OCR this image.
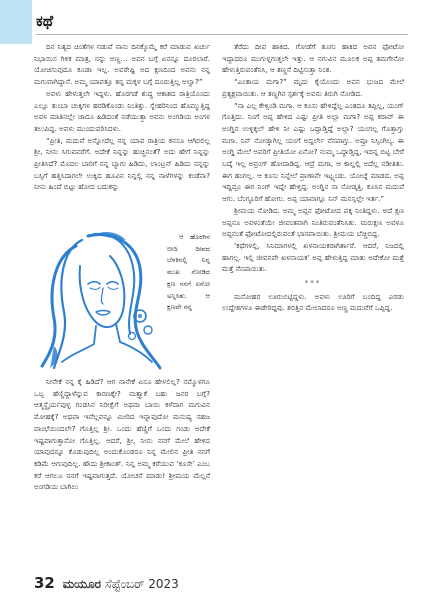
ಕಥೆ

ದಿನ ನಿತ್ಯದ ಚಿಂತೆಗಳ ನಡುವೆ ನಾನು ದಿನಕ್ಕೊಮ್ಮೆ ಕರೆ ಮಾಡುವ ಖರ್ಚು ನಿಭಾಯಿಸ ಗಿಳಿಕ ಮಾತ್ರ, ನನ್ನು ಅಣ್ಣ… ಅವನ ಬಗ್ಗೆ ಏನನ್ನೂ ದೂರಲಾರೆ. ಯೋಚಿಸುವುದೂ ಕೂಡಾ ಇಲ್ಲ. ಅವರೇಷ್ಟಿ ಅದ ಕ್ಷಣದಿಂದ ಅವನು ನನ್ನ ಮಗುವಾಗಿದ್ದಾನೆ. ಅಮ್ಮ ಯಾವತ್ತೂ ತನ್ನ ಮಕ್ಕಳ ಬಗ್ಗೆ ದೂರುತ್ತಿಲ್ಲ ಅಲ್ವಾ?”

ಅವಳು ಹೇಳುತ್ತಲೇ ಇದ್ದಳು. ಹೊರಗಡೆ ಶುದ್ಧ ಆಕಾಶದ ರಾತ್ರಿಯೊಂದು ಎಲ್ಲೂ ತುಂಬಾ ಚುಕ್ಕಿಗಳ ಹರಡಿಕೊಂಡು ನಿಂತಿತ್ತು. ಸ್ನೇಹರಿನಿಂದ ಹೊಮ್ಮುತ್ತಿದ್ದ ಅವಳ ಮಾತಿನಲ್ಲೇ ಜಾದೂ ಹಿಡಿದಂತೆ ನಡೆಯುತ್ತಾ ಅವನು ಅಂಗಡಿಯ ಅಂಗಳ ತಲುಪಿದ್ದ. ಅವಳು ಮುಂದುವರಿಸಿದಳು.

“ಪ್ರೀತಿ, ಮದುವೆ ಅನ್ನೋದೆಲ್ಲ ನನ್ನ ಯಾವ ರಾತ್ರಿಯ ಕನಸೂ ಆಗಿರಲಿಲ್ಲ ಶ್ರೀ, ನೀನು ಸಿಗುವವರೆಗೆ. ಅದೇಕೆ ನಿನ್ನನ್ನು ಹುಚ್ಚಿನಂತೆ? ಅದು ಹೇಗೆ ನಿನ್ನನ್ನು ಪ್ರೀತಿಸಿದೆ? ಮೊದಲ ಬಾರಿಗೆ ನನ್ನ ಬ್ಯಾಗು ಹಿಡಿದು, ಲಾಂಟ್ರನ್ ಹಿಡಿದು ನನ್ನನ್ನು ಬಸ್ಸಿಗೆ ಹತ್ತಿಸಿದಾಗಲೇ ಉಕ್ಕಿದ ಹೂವಿನ ನಿನ್ನಲ್ಲಿ ನನ್ನ ನಾಳೆಗಳನ್ನು ಕಂಡೆನಾ? ನೀನು ಹಿಂದೆ ಬಿಟ್ಟು ಹೋದ ಬದುಕನ್ನು

ಆ ಹೊರಗಿನ ಬೀದಿ ದೀಪದ ಬೆಳಕಿನಲ್ಲಿ ನಿನ್ನ ಮುಖ ನೋಡಿದ ಕ್ಷಣ ನನಗೆ ಏನೋ ಅನ್ನಿಸಿತು. ಆ ಕ್ಷಣವೇ ನನ್ನ

ನೀನೇಕೆ ನನ್ನ ಕೈ ಹಿಡಿದೆ? ಆಗ ನಾನೇಕೆ ಏನೂ ಹೇಳಲಿಲ್ಲ? ನಮ್ಮೊಳಗೂ ಒಬ್ಬ ಹೆಣ್ಣಿದ್ದಾಳೆನ್ನುವ ಕಾರಣಕ್ಕೇ? ಮತ್ತ್ಯಾಕೆ ಬಹು ಜನರ ಬಗ್ಗೆ? ಆತ್ಮಸ್ಥೈರ್ಯವುಳ್ಳ ಗಂಡಸಿನ ನಿರೀಕ್ಷೆಗೆ ಅಥವಾ ಬಾಯಿ ಕಳೆದಾಗ ಮಗುವಿನ ಮೋಹಕ್ಕೆ? ಅಥವಾ ಇವೆಲ್ಲವನ್ನೂ ಮೀರಿದ ಇನ್ನಾವುದೋ ಮನುಷ್ಯ ಸಹಜ ವಾಂಛೆಯಿಂದಲೇ? ಗೊತ್ತಿಲ್ಲ ಶ್ರೀ. ಒಂದು ಹೆಣ್ಣಿಗೆ ಒಂದು ಗಂಡು ಅದೇಕೆ ಇಷ್ಟವಾಗುತ್ತಾನೋ ಗೊತ್ತಿಲ್ಲ. ಆದರೆ, ಶ್ರೀ, ನೀನು ನನಗೆ ಮೇಲೆ ಹೇಳಿದ ಯಾವುದನ್ನೂ ಕೊಡುವುದಿಲ್ಲ ಅಂದುಕೊಂಡರೂ ನಿನ್ನ ಮೇಲಿನ ಪ್ರೀತಿ ನನಗೆ ಕಡಿಮೆ ಆಗುವುದಿಲ್ಲ. ಹೌದು ಶ್ರೀಕಾಂತ್. ನಿನ್ನ ಅಮ್ಮ ಕರೆಯುವ ‘ಕೂಸೇ’ ಎಂಬ ಕರೆ ಆಗಲೂ ನನಗೆ ಇಷ್ಟವಾಗುತ್ತದೆ. ಯೋಚನೆ ಮಾಡು! ಶ್ರೀಮಯ ಮೆಲ್ಲನೆ ಅಂಗಡಿಯ ಬಾಗಿಲು

ತೆರೆದು ದೀಪ ಹಾಕಿದ. ಗೋಡೆಗೆ ತೂಗು ಹಾಕಿದ ಅವನ ಫೋಟೋ ಇದ್ದಾದರೂ ಮುಗುಳ್ನಗುತ್ತಲೇ ಇತ್ತು. ಆ ನಗುವಿನ ಮೂಲಕ ಅಪ್ಪ ತಮಗೇನೋ ಹೇಳುತ್ತಿರುವಂತೆನಿಸಿ, ಆ ತಣ್ಣನೆ ದಿಟ್ಟಿಸುತ್ತಾ ನಿಂತ.

“ಎಂತಾಯ ಮಗಾ?” ಮೃದು ಕೈಯೊಂದು ಅವನ ಭುಜದ ಮೇಲೆ ಪ್ರತ್ಯಕ್ಷವಾಯಿತು. ಆ ತಣ್ಣಗಿನ ಸ್ಪರ್ಶಕ್ಕೆ ಅವನು ತಿರುಗಿ ನೋಡಿದ.

“ನಾ ಎಲ್ಲ ಕೇಳ್ಸಿಂಡಿ ಮಗಾ. ಆ ಕೂಸು ಹೇಳಿದ್ದೆಲ್ಲ ಎಂತದೂ ತಪ್ಪಿಲ್ಲ, ಯಂಗ್ ಗೊತ್ತಿದು. ನಿಂಗೆ ಅಪ್ಪ ಹೇಳಿದ ಎಷ್ಟು ಪ್ರೀತಿ ಅಲ್ಲಾ ಮಗಾ? ಅಪ್ಪ ಕರಾವ್ ಈ ಅಂಗ್ಡಿನ ಉಳ್ಳಿಕ್ಕಲ್ ಹೇಳಿ ನೀ ಎಷ್ಟು ಒದ್ದಾಡ್ತಿದ್ದೆ ಅಲ್ಲಾ? ಯಂಗಲ್ಲ ಗೊತ್ತಾಗ್ತು ಮಗಾ. ನಿನ್ ನೋಡ್ಕಾಗಿಲ್ಲ ಯಂಗೆ ಅದ್ದರ್ಲೇ ನೆನಪಾಗ್ತು. ಅವ್ರೂ ನಿಸ್ಸಿಂಗಿಲ್ಯ. ಈ ಅಂಗ್ಡಿ ಮೇಲೆ ಅವರಿಗೆ ಪ್ರೀತಿಯೋ ಏನೋ? ನುಮ್ಮ ಒದ್ದಾಡ್ತಿದ್ದ, ಇದನ್ನ ಬಿಟ್ಟ ಬೇರೆ ಬದ್ಕೆ ಇಲ್ಲ ಅವ್ರಂಗ್ ಹೋದಾಡಿದ್ದ. ಆದ್ರೆ ಮಗಾ, ಆ ಕಾಲ್ದಲ್ಲಿ ಅದೆಲ್ಲ ನಡೀತಿತು. ಈಗ ಹಂಗಲ್ಲ. ಆ ಕೂಸು ನಿನ್ನೇಲೆ ಪ್ರಾಣಾನೇ ಇಟ್ಟ್ಕಂಡು. ಯೋಚ್ನೆ ಮಾಡದ. ಅಪ್ಪ ಇದ್ದಿದ್ರೂ ಈಗ ನಿಂಗ್ ಇದ್ನೇ ಹೇಳ್ತಿದ್ದ. ಅಂಗ್ಡಿನ ನಾ ನೋಡ್ಕತ್ತಿ. ಕೂಸಿನ ಮದುವೆ ಆಗು. ಬೆಂಗ್ಳೂರಿಗೆ ಹೋಗು. ಅಪ್ಪ ಯಾವಾಗ್ಲೂ ನಿನ್ ಮನಸ್ಸಲ್ಲೇ ಇರ್ತ.”

ಶ್ರೀಮಯ ನೋಡಿದ. ಅಮ್ಮ ಅಪ್ಪನ ಫೋಟೋದ ಪಕ್ಕ ನಿಂತಿದ್ದಳು. ಅದೆ ಕ್ಷಣ ಅಪ್ಪನೂ ಅವಳಂತೆಯೇ ಜೀವಂತವಾಗಿ ನಿಂತಿರುವಂತೆನಿಸಿತು. ಮರುಕ್ಷಣ ಅವಳೂ ಅಪ್ಪನಂತೆ ಫೋಟೋದಲ್ಲಿರುವಂತೆ ಭಾಸವಾಯಿತು. ಶ್ರೀಮಯ ಬೆಚ್ಚಿಬಿದ್ದ.

‘ಕಥೆಗಳಲ್ಲಿ, ಸಿನಿಮಾಗಳಲ್ಲಿ ಖಳನಾಯಕರಾಗಿರ್ತಾರೆ. ಆದರೆ, ನಿಜದಲ್ಲಿ ಹಾಗಲ್ಲ. ಇಲ್ಲಿ ಜೀವನವೇ ಖಳನಾಯಕ’ ಅಪ್ಪ ಹೇಳುತ್ತಿದ್ದ ಮಾತು ಅದೇಕೋ ಮತ್ತೆ ಮತ್ತೆ ನೆನಪಾಯಿತು.

***

ಮನೋಹರ ಊರುಬಿಟ್ಟಿದ್ದಳು. ಅವಳು ಊರಿಗೆ ಬಂದಿದ್ದ ಎರಡು ಉದ್ದೇಶಗಳೂ ಈಡೇರಿದ್ದವು. ಶರತ್ತಿನ ಮೇಲಾದರೂ ಅಣ್ಣ ಮದುವೆಗೆ ಒಪ್ಪಿದ್ದ.

32 ಮಯೂರ ಸೆಪ್ಟೆಂಬರ್ 2023
